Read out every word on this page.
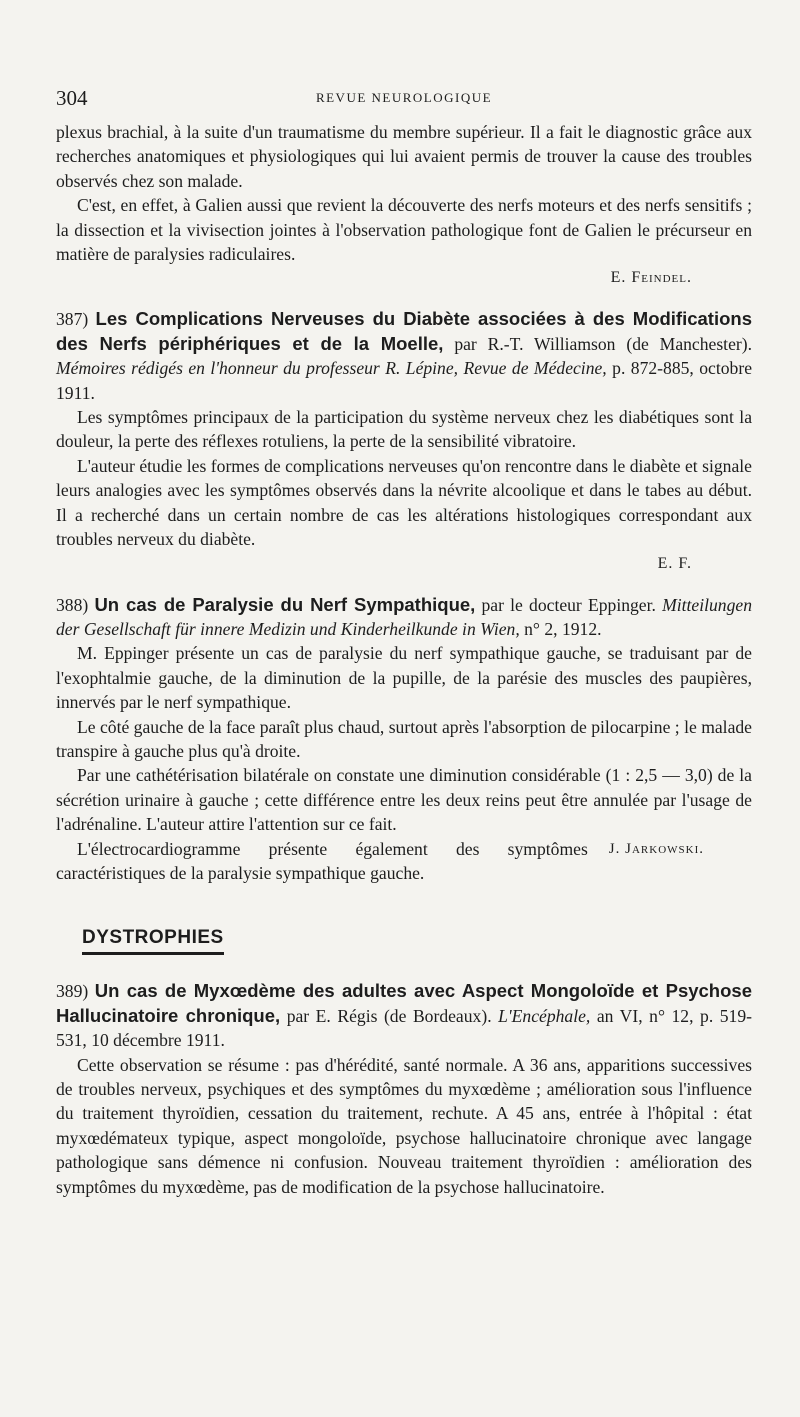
304	REVUE NEUROLOGIQUE

plexus brachial, à la suite d'un traumatisme du membre supérieur. Il a fait le diagnostic grâce aux recherches anatomiques et physiologiques qui lui avaient permis de trouver la cause des troubles observés chez son malade.

C'est, en effet, à Galien aussi que revient la découverte des nerfs moteurs et des nerfs sensitifs ; la dissection et la vivisection jointes à l'observation pathologique font de Galien le précurseur en matière de paralysies radiculaires.

E. Feindel.

387) Les Complications Nerveuses du Diabète associées à des Modifications des Nerfs périphériques et de la Moelle, par R.-T. Williamson (de Manchester). Mémoires rédigés en l'honneur du professeur R. Lépine, Revue de Médecine, p. 872-885, octobre 1911.

Les symptômes principaux de la participation du système nerveux chez les diabétiques sont la douleur, la perte des réflexes rotuliens, la perte de la sensibilité vibratoire.

L'auteur étudie les formes de complications nerveuses qu'on rencontre dans le diabète et signale leurs analogies avec les symptômes observés dans la névrite alcoolique et dans le tabes au début. Il a recherché dans un certain nombre de cas les altérations histologiques correspondant aux troubles nerveux du diabète.

E. F.

388) Un cas de Paralysie du Nerf Sympathique, par le docteur Eppinger. Mitteilungen der Gesellschaft für innere Medizin und Kinderheilkunde in Wien, n° 2, 1912.

M. Eppinger présente un cas de paralysie du nerf sympathique gauche, se traduisant par de l'exophtalmie gauche, de la diminution de la pupille, de la parésie des muscles des paupières, innervés par le nerf sympathique.

Le côté gauche de la face paraît plus chaud, surtout après l'absorption de pilocarpine ; le malade transpire à gauche plus qu'à droite.

Par une cathétérisation bilatérale on constate une diminution considérable (1 : 2,5 — 3,0) de la sécrétion urinaire à gauche ; cette différence entre les deux reins peut être annulée par l'usage de l'adrénaline. L'auteur attire l'attention sur ce fait.

J. Jarkowski.
L'électrocardiogramme présente également des symptômes caractéristiques de la paralysie sympathique gauche.

DYSTROPHIES

389) Un cas de Myxœdème des adultes avec Aspect Mongoloïde et Psychose Hallucinatoire chronique, par E. Régis (de Bordeaux). L'Encéphale, an VI, n° 12, p. 519-531, 10 décembre 1911.

Cette observation se résume : pas d'hérédité, santé normale. A 36 ans, apparitions successives de troubles nerveux, psychiques et des symptômes du myxœdème ; amélioration sous l'influence du traitement thyroïdien, cessation du traitement, rechute. A 45 ans, entrée à l'hôpital : état myxœdémateux typique, aspect mongoloïde, psychose hallucinatoire chronique avec langage pathologique sans démence ni confusion. Nouveau traitement thyroïdien : amélioration des symptômes du myxœdème, pas de modification de la psychose hallucinatoire.
